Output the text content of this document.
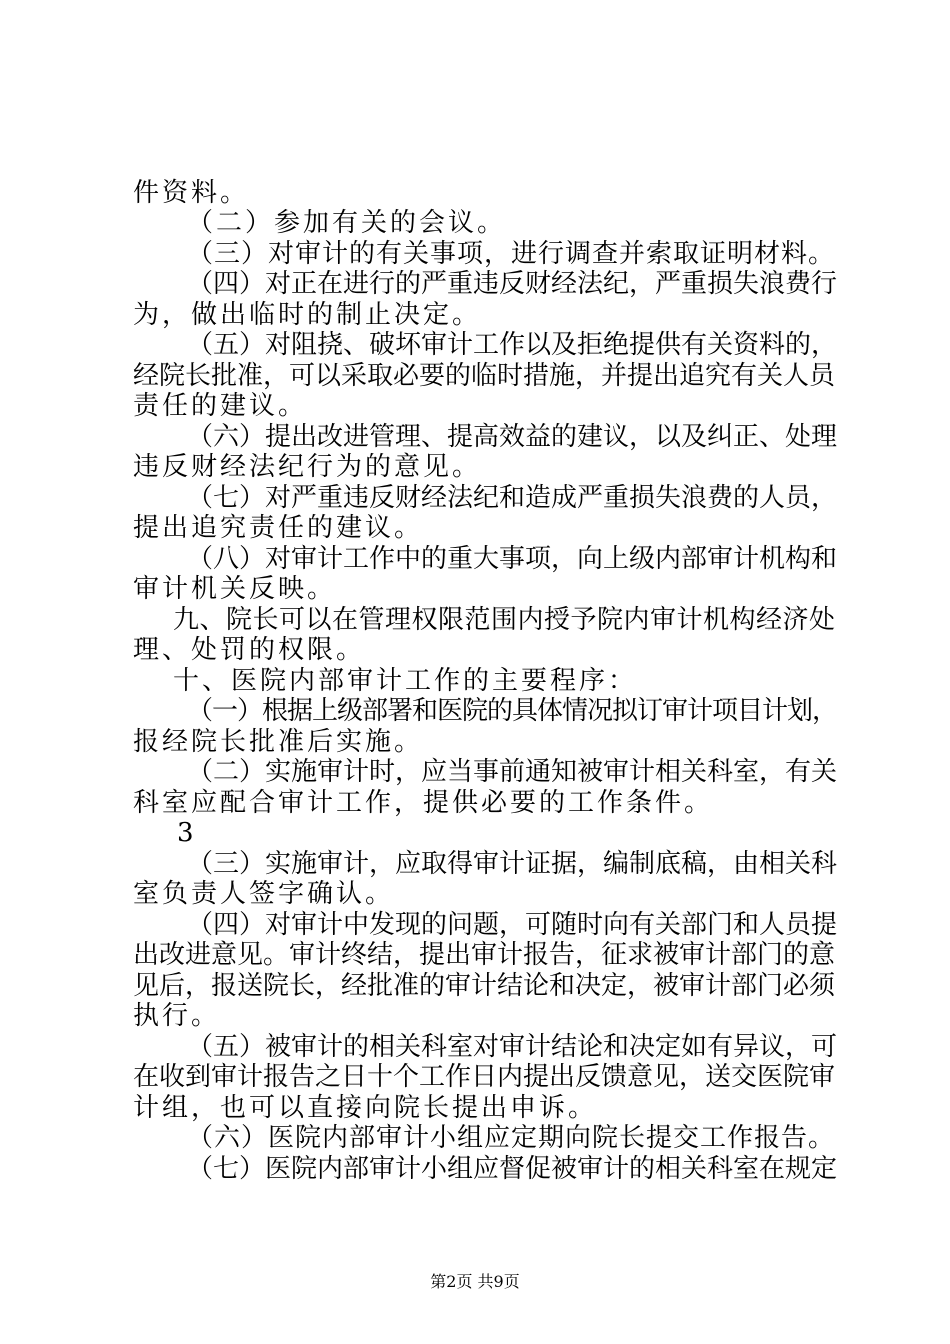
件资料。
（二）参加有关的会议。
（三）对审计的有关事项，进行调查并索取证明材料。
（四）对正在进行的严重违反财经法纪，严重损失浪费行
为，做出临时的制止决定。
（五）对阻挠、破坏审计工作以及拒绝提供有关资料的，
经院长批准，可以采取必要的临时措施，并提出追究有关人员
责任的建议。
（六）提出改进管理、提高效益的建议，以及纠正、处理
违反财经法纪行为的意见。
（七）对严重违反财经法纪和造成严重损失浪费的人员，
提出追究责任的建议。
（八）对审计工作中的重大事项，向上级内部审计机构和
审计机关反映。
九、院长可以在管理权限范围内授予院内审计机构经济处
理、处罚的权限。
十、医院内部审计工作的主要程序：
（一）根据上级部署和医院的具体情况拟订审计项目计划，
报经院长批准后实施。
（二）实施审计时，应当事前通知被审计相关科室，有关
科室应配合审计工作，提供必要的工作条件。
3
（三）实施审计，应取得审计证据，编制底稿，由相关科
室负责人签字确认。
（四）对审计中发现的问题，可随时向有关部门和人员提
出改进意见。审计终结，提出审计报告，征求被审计部门的意
见后，报送院长，经批准的审计结论和决定，被审计部门必须
执行。
（五）被审计的相关科室对审计结论和决定如有异议，可
在收到审计报告之日十个工作日内提出反馈意见，送交医院审
计组，也可以直接向院长提出申诉。
（六）医院内部审计小组应定期向院长提交工作报告。
（七）医院内部审计小组应督促被审计的相关科室在规定
第2页 共9页
